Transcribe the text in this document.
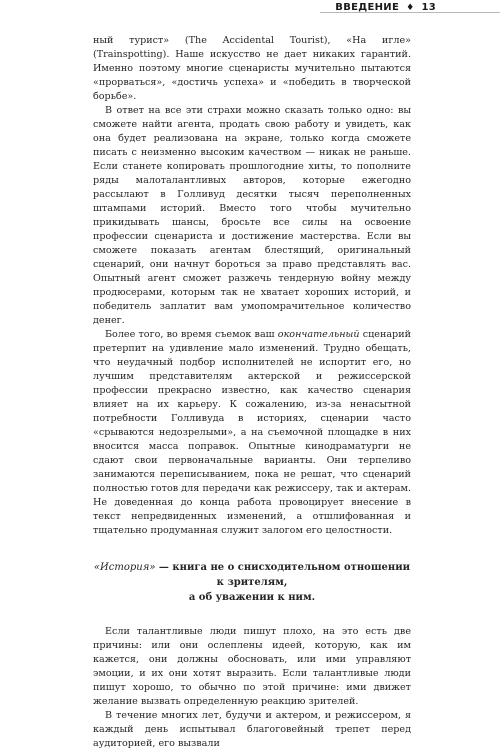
ВВЕДЕНИЕ ♦ 13

ный турист» (The Accidental Tourist), «На игле» (Trainspotting). Наше искусство не дает никаких гарантий. Именно поэтому многие сценаристы мучительно пытаются «прорваться», «достичь успеха» и «победить в творческой борьбе».

В ответ на все эти страхи можно сказать только одно: вы сможете найти агента, продать свою работу и увидеть, как она будет реализована на экране, только когда сможете писать с неизменно высоким качеством — никак не раньше. Если станете копировать прошлогодние хиты, то пополните ряды малоталантливых авторов, которые ежегодно рассылают в Голливуд десятки тысяч переполненных штампами историй. Вместо того чтобы мучительно прикидывать шансы, бросьте все силы на освоение профессии сценариста и достижение мастерства. Если вы сможете показать агентам блестящий, оригинальный сценарий, они начнут бороться за право представлять вас. Опытный агент сможет разжечь тендерную войну между продюсерами, которым так не хватает хороших историй, и победитель заплатит вам умопомрачительное количество денег.

Более того, во время съемок ваш окончательный сценарий претерпит на удивление мало изменений. Трудно обещать, что неудачный подбор исполнителей не испортит его, но лучшим представителям актерской и режиссерской профессии прекрасно известно, как качество сценария влияет на их карьеру. К сожалению, из-за ненасытной потребности Голливуда в историях, сценарии часто «срываются недозрелыми», а на съемочной площадке в них вносится масса поправок. Опытные кинодраматурги не сдают свои первоначальные варианты. Они терпеливо занимаются переписыванием, пока не решат, что сценарий полностью готов для передачи как режиссеру, так и актерам. Не доведенная до конца работа провоцирует внесение в текст непредвиденных изменений, а отшлифованная и тщательно продуманная служит залогом его целостности.

«История» — книга не о снисходительном отношении к зрителям,
а об уважении к ним.

Если талантливые люди пишут плохо, на это есть две причины: или они ослеплены идеей, которую, как им кажется, они должны обосновать, или ими управляют эмоции, и их они хотят выразить. Если талантливые люди пишут хорошо, то обычно по этой причине: ими движет желание вызвать определенную реакцию зрителей.

В течение многих лет, будучи и актером, и режиссером, я каждый день испытывал благоговейный трепет перед аудиторией, его вызвали
